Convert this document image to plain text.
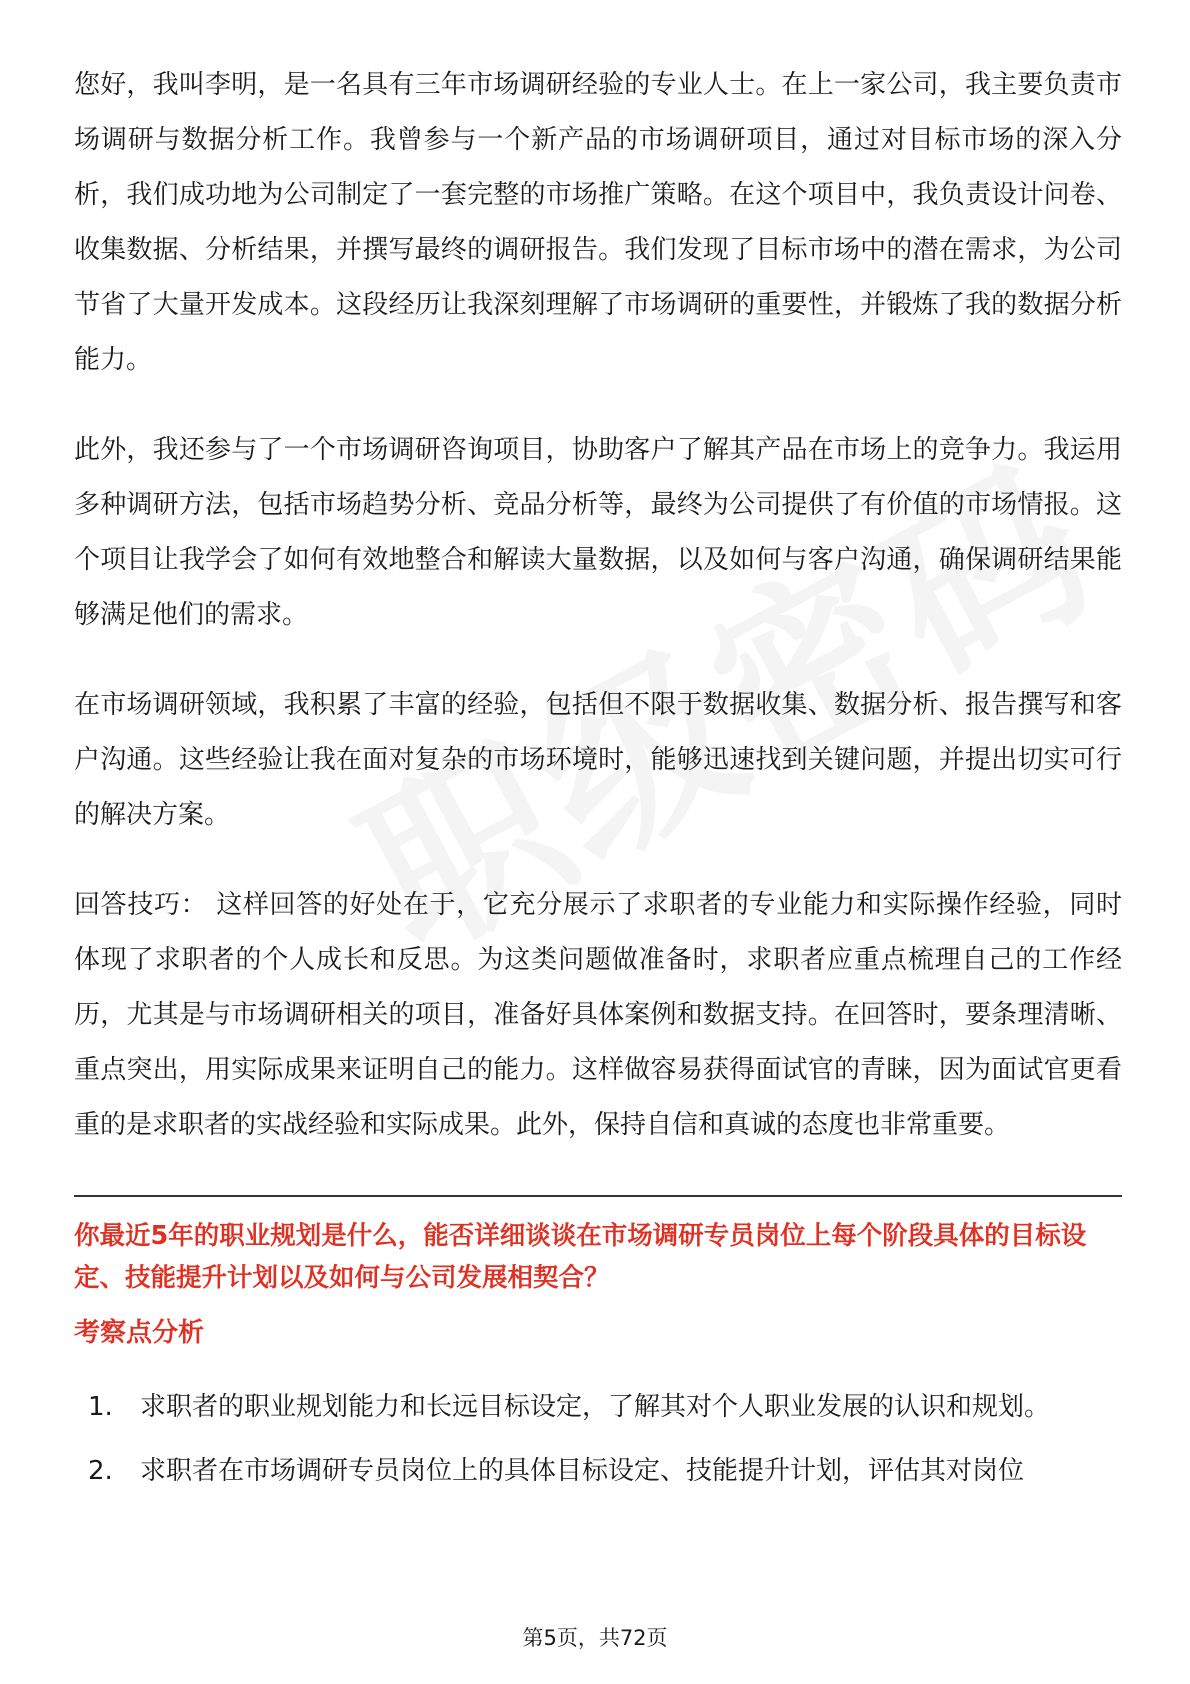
您好，我叫李明，是一名具有三年市场调研经验的专业人士。在上一家公司，我主要负责市场调研与数据分析工作。我曾参与一个新产品的市场调研项目，通过对目标市场的深入分析，我们成功地为公司制定了一套完整的市场推广策略。在这个项目中，我负责设计问卷、收集数据、分析结果，并撰写最终的调研报告。我们发现了目标市场中的潜在需求，为公司节省了大量开发成本。这段经历让我深刻理解了市场调研的重要性，并锻炼了我的数据分析能力。

此外，我还参与了一个市场调研咨询项目，协助客户了解其产品在市场上的竞争力。我运用多种调研方法，包括市场趋势分析、竞品分析等，最终为公司提供了有价值的市场情报。这个项目让我学会了如何有效地整合和解读大量数据，以及如何与客户沟通，确保调研结果能够满足他们的需求。

在市场调研领域，我积累了丰富的经验，包括但不限于数据收集、数据分析、报告撰写和客户沟通。这些经验让我在面对复杂的市场环境时，能够迅速找到关键问题，并提出切实可行的解决方案。

回答技巧： 这样回答的好处在于，它充分展示了求职者的专业能力和实际操作经验，同时体现了求职者的个人成长和反思。为这类问题做准备时，求职者应重点梳理自己的工作经历，尤其是与市场调研相关的项目，准备好具体案例和数据支持。在回答时，要条理清晰、重点突出，用实际成果来证明自己的能力。这样做容易获得面试官的青睐，因为面试官更看重的是求职者的实战经验和实际成果。此外，保持自信和真诚的态度也非常重要。

你最近5年的职业规划是什么，能否详细谈谈在市场调研专员岗位上每个阶段具体的目标设定、技能提升计划以及如何与公司发展相契合？
考察点分析
1. 求职者的职业规划能力和长远目标设定，了解其对个人职业发展的认识和规划。
2. 求职者在市场调研专员岗位上的具体目标设定、技能提升计划，评估其对岗位
第5页，共72页
